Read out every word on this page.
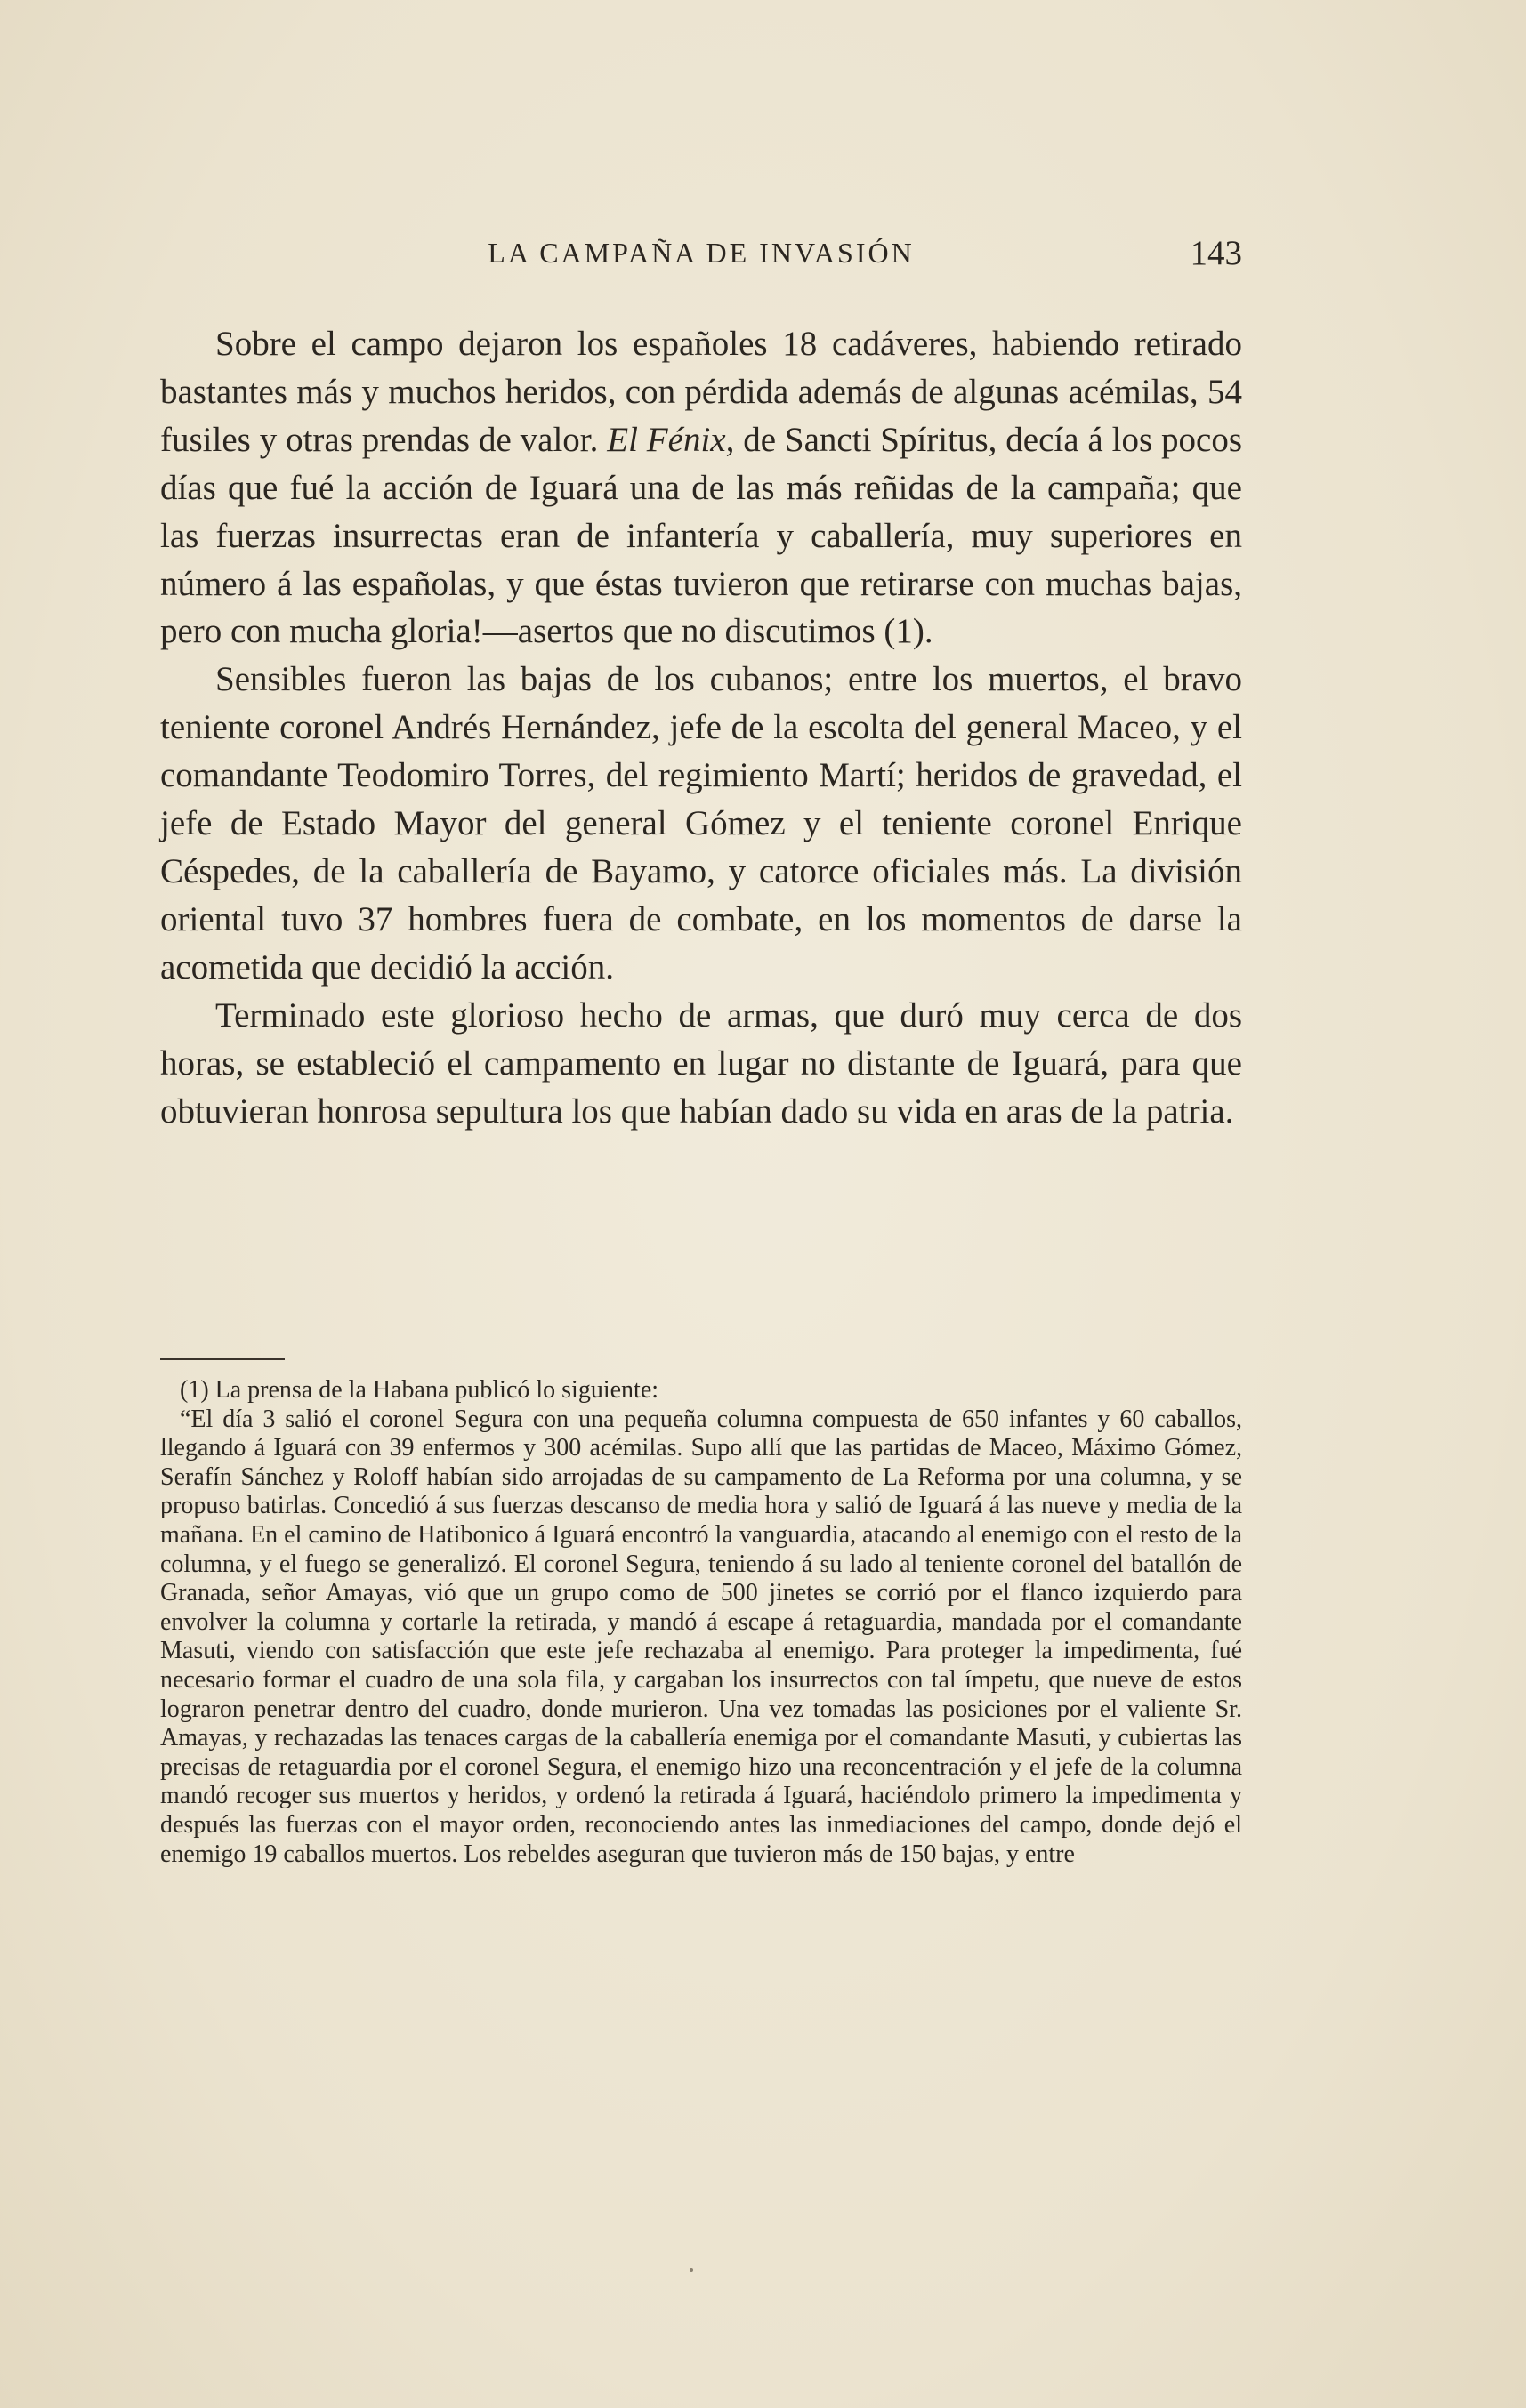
LA CAMPAÑA DE INVASIÓN	143

Sobre el campo dejaron los españoles 18 cadáveres, habiendo retirado bastantes más y muchos heridos, con pérdida además de algunas acémilas, 54 fusiles y otras prendas de valor. El Fénix, de Sancti Spíritus, decía á los pocos días que fué la acción de Iguará una de las más reñidas de la campaña; que las fuerzas insurrectas eran de infantería y caballería, muy superiores en número á las españolas, y que éstas tuvieron que retirarse con muchas bajas, pero con mucha gloria!—asertos que no discutimos (1).

Sensibles fueron las bajas de los cubanos; entre los muertos, el bravo teniente coronel Andrés Hernández, jefe de la escolta del general Maceo, y el comandante Teodomiro Torres, del regimiento Martí; heridos de gravedad, el jefe de Estado Mayor del general Gómez y el teniente coronel Enrique Céspedes, de la caballería de Bayamo, y catorce oficiales más. La división oriental tuvo 37 hombres fuera de combate, en los momentos de darse la acometida que decidió la acción.

Terminado este glorioso hecho de armas, que duró muy cerca de dos horas, se estableció el campamento en lugar no distante de Iguará, para que obtuvieran honrosa sepultura los que habían dado su vida en aras de la patria.

(1) La prensa de la Habana publicó lo siguiente:

“El día 3 salió el coronel Segura con una pequeña columna compuesta de 650 infantes y 60 caballos, llegando á Iguará con 39 enfermos y 300 acémilas. Supo allí que las partidas de Maceo, Máximo Gómez, Serafín Sánchez y Roloff habían sido arrojadas de su campamento de La Reforma por una columna, y se propuso batirlas. Concedió á sus fuerzas descanso de media hora y salió de Iguará á las nueve y media de la mañana. En el camino de Hatibonico á Iguará encontró la vanguardia, atacando al enemigo con el resto de la columna, y el fuego se generalizó. El coronel Segura, teniendo á su lado al teniente coronel del batallón de Granada, señor Amayas, vió que un grupo como de 500 jinetes se corrió por el flanco izquierdo para envolver la columna y cortarle la retirada, y mandó á escape á retaguardia, mandada por el comandante Masuti, viendo con satisfacción que este jefe rechazaba al enemigo. Para proteger la impedimenta, fué necesario formar el cuadro de una sola fila, y cargaban los insurrectos con tal ímpetu, que nueve de estos lograron penetrar dentro del cuadro, donde murieron. Una vez tomadas las posiciones por el valiente Sr. Amayas, y rechazadas las tenaces cargas de la caballería enemiga por el comandante Masuti, y cubiertas las precisas de retaguardia por el coronel Segura, el enemigo hizo una reconcentración y el jefe de la columna mandó recoger sus muertos y heridos, y ordenó la retirada á Iguará, haciéndolo primero la impedimenta y después las fuerzas con el mayor orden, reconociendo antes las inmediaciones del campo, donde dejó el enemigo 19 caballos muertos. Los rebeldes aseguran que tuvieron más de 150 bajas, y entre
